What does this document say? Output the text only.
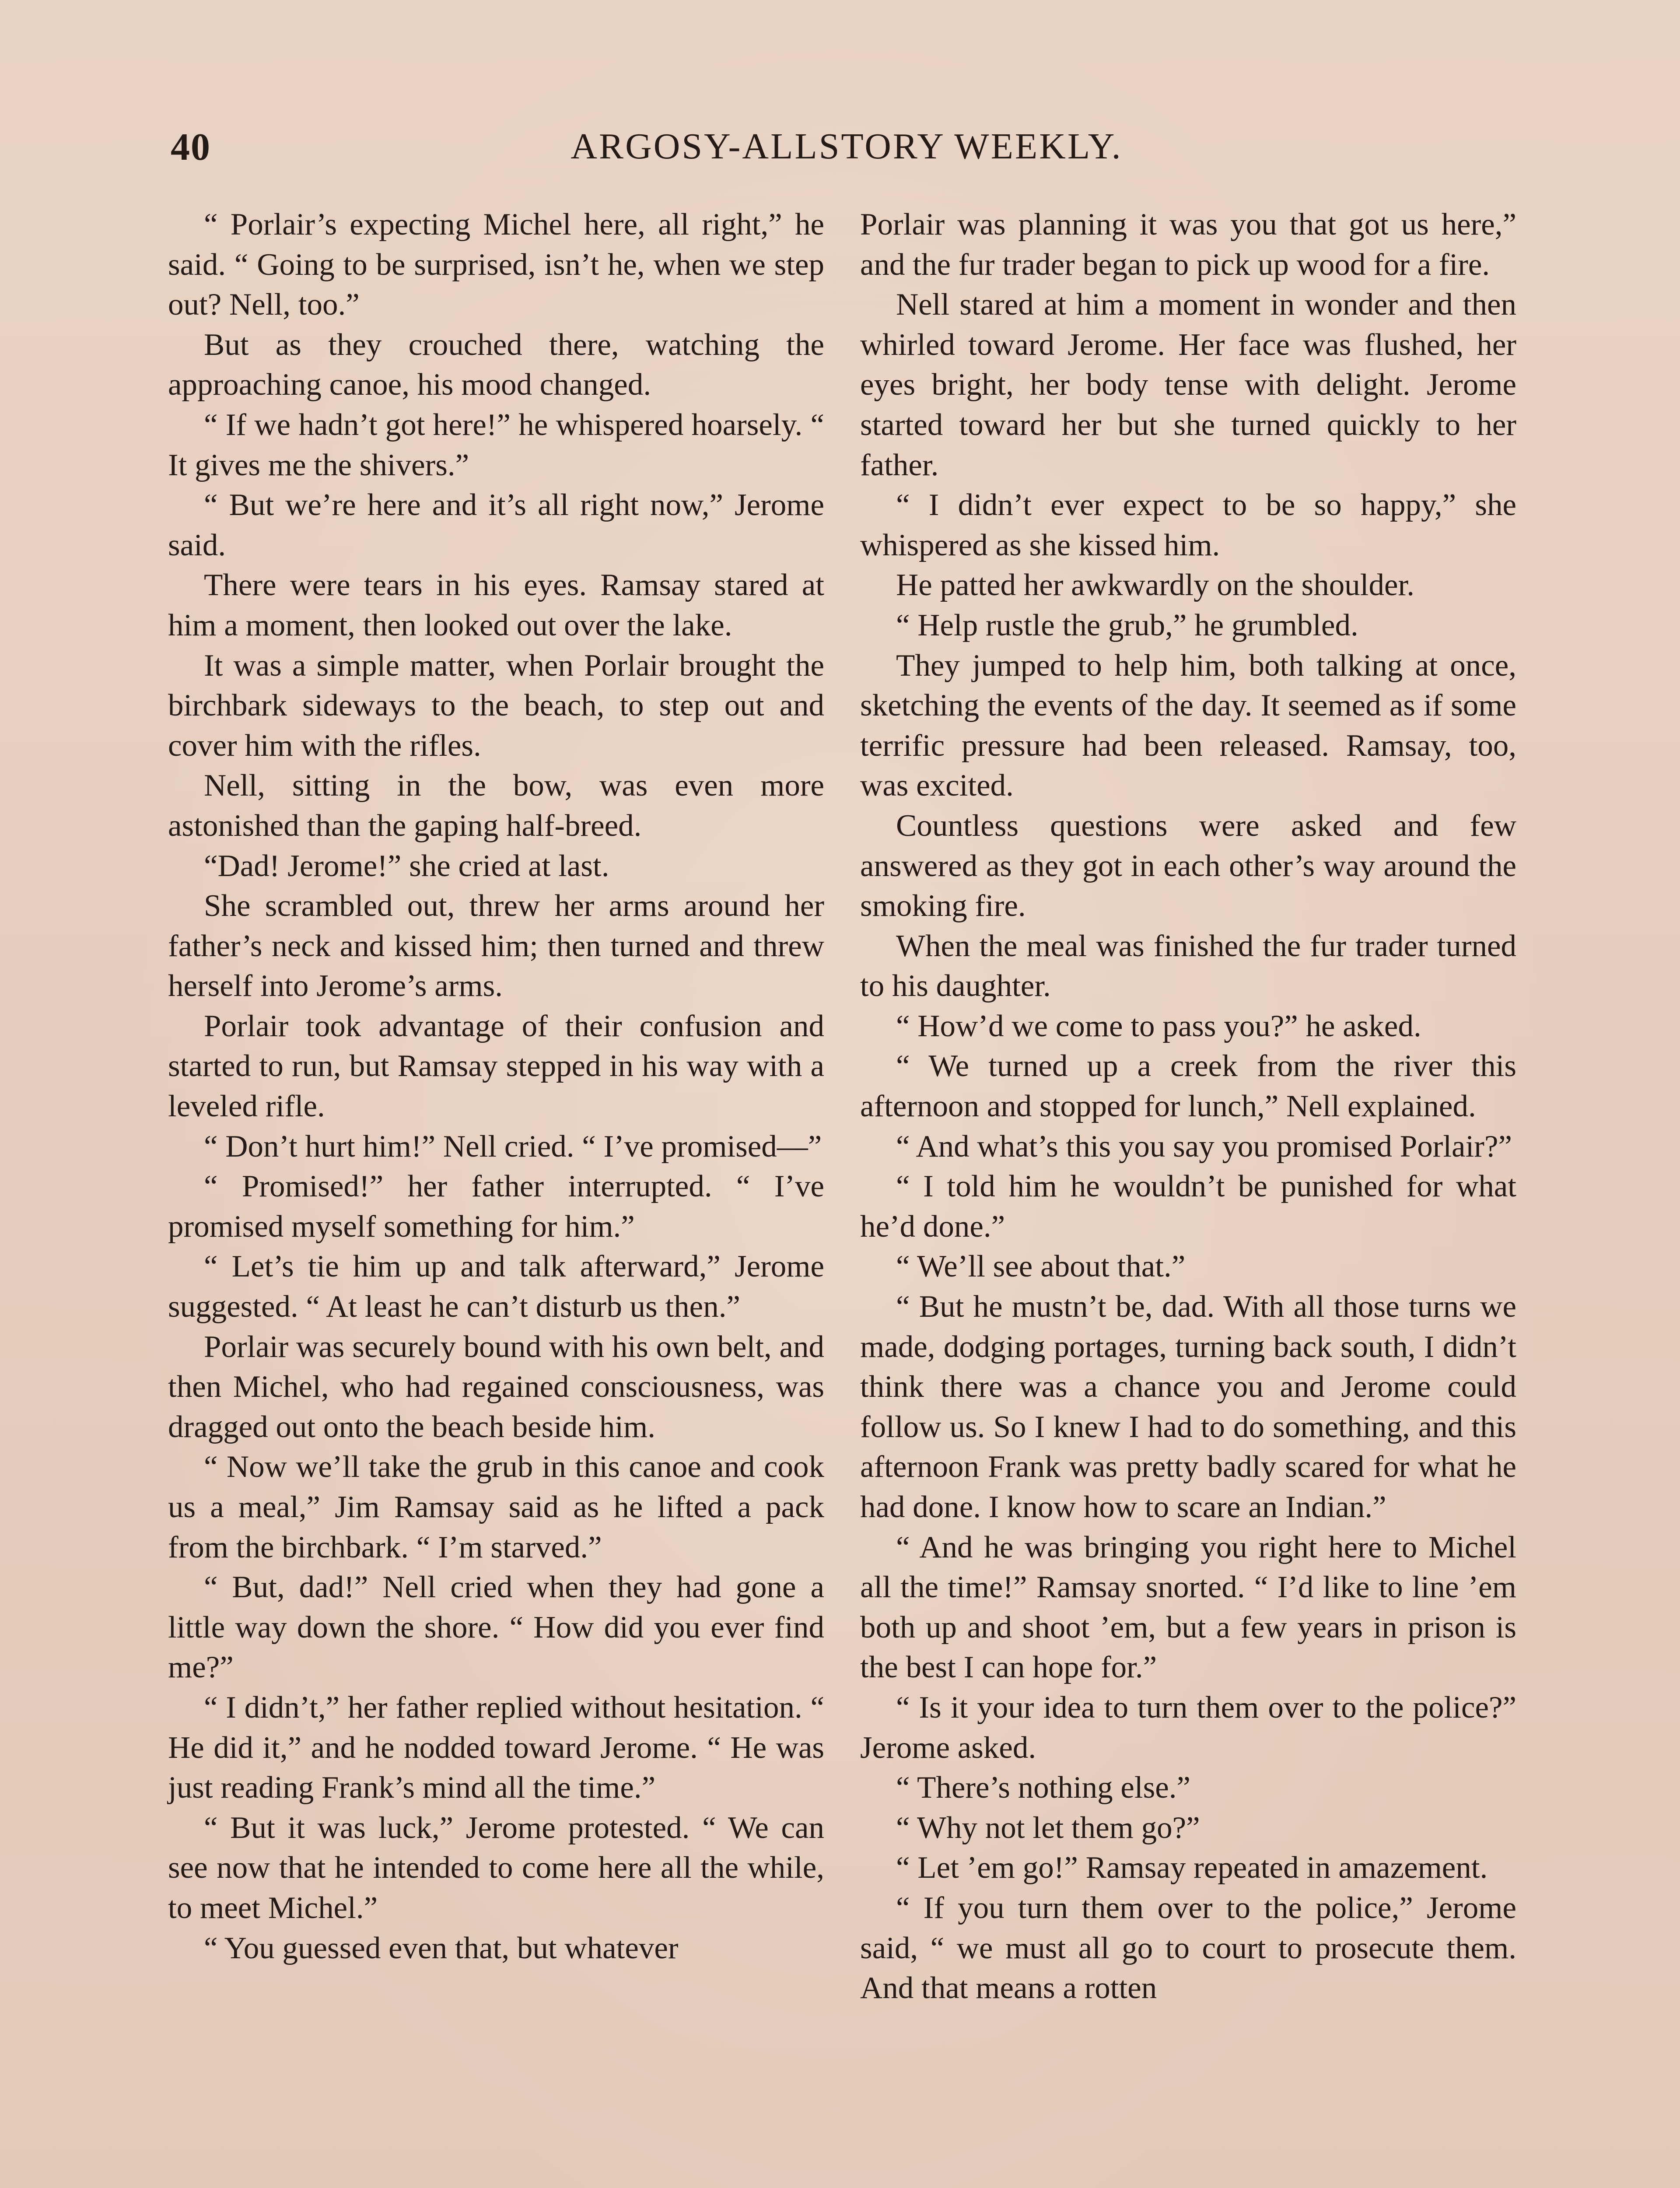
40	ARGOSY-ALLSTORY WEEKLY.

“ Porlair’s expecting Michel here, all right,” he said. “ Going to be surprised, isn’t he, when we step out? Nell, too.”

But as they crouched there, watching the approaching canoe, his mood changed.

“ If we hadn’t got here!” he whispered hoarsely. “ It gives me the shivers.”

“ But we’re here and it’s all right now,” Jerome said.

There were tears in his eyes. Ramsay stared at him a moment, then looked out over the lake.

It was a simple matter, when Porlair brought the birchbark sideways to the beach, to step out and cover him with the rifles.

Nell, sitting in the bow, was even more astonished than the gaping half-breed.

“Dad! Jerome!” she cried at last.

She scrambled out, threw her arms around her father’s neck and kissed him; then turned and threw herself into Jerome’s arms.

Porlair took advantage of their confusion and started to run, but Ramsay stepped in his way with a leveled rifle.

“ Don’t hurt him!” Nell cried. “ I’ve promised—”

“ Promised!” her father interrupted. “ I’ve promised myself something for him.”

“ Let’s tie him up and talk afterward,” Jerome suggested. “ At least he can’t disturb us then.”

Porlair was securely bound with his own belt, and then Michel, who had regained consciousness, was dragged out onto the beach beside him.

“ Now we’ll take the grub in this canoe and cook us a meal,” Jim Ramsay said as he lifted a pack from the birchbark. “ I’m starved.”

“ But, dad!” Nell cried when they had gone a little way down the shore. “ How did you ever find me?”

“ I didn’t,” her father replied without hesitation. “ He did it,” and he nodded toward Jerome. “ He was just reading Frank’s mind all the time.”

“ But it was luck,” Jerome protested. “ We can see now that he intended to come here all the while, to meet Michel.”

“ You guessed even that, but whatever

Porlair was planning it was you that got us here,” and the fur trader began to pick up wood for a fire.

Nell stared at him a moment in wonder and then whirled toward Jerome. Her face was flushed, her eyes bright, her body tense with delight. Jerome started toward her but she turned quickly to her father.

“ I didn’t ever expect to be so happy,” she whispered as she kissed him.

He patted her awkwardly on the shoulder.

“ Help rustle the grub,” he grumbled.

They jumped to help him, both talking at once, sketching the events of the day. It seemed as if some terrific pressure had been released. Ramsay, too, was excited.

Countless questions were asked and few answered as they got in each other’s way around the smoking fire.

When the meal was finished the fur trader turned to his daughter.

“ How’d we come to pass you?” he asked.

“ We turned up a creek from the river this afternoon and stopped for lunch,” Nell explained.

“ And what’s this you say you promised Porlair?”

“ I told him he wouldn’t be punished for what he’d done.”

“ We’ll see about that.”

“ But he mustn’t be, dad. With all those turns we made, dodging portages, turning back south, I didn’t think there was a chance you and Jerome could follow us. So I knew I had to do something, and this afternoon Frank was pretty badly scared for what he had done. I know how to scare an Indian.”

“ And he was bringing you right here to Michel all the time!” Ramsay snorted. “ I’d like to line ’em both up and shoot ’em, but a few years in prison is the best I can hope for.”

“ Is it your idea to turn them over to the police?” Jerome asked.

“ There’s nothing else.”

“ Why not let them go?”

“ Let ’em go!” Ramsay repeated in amazement.

“ If you turn them over to the police,” Jerome said, “ we must all go to court to prosecute them. And that means a rotten
